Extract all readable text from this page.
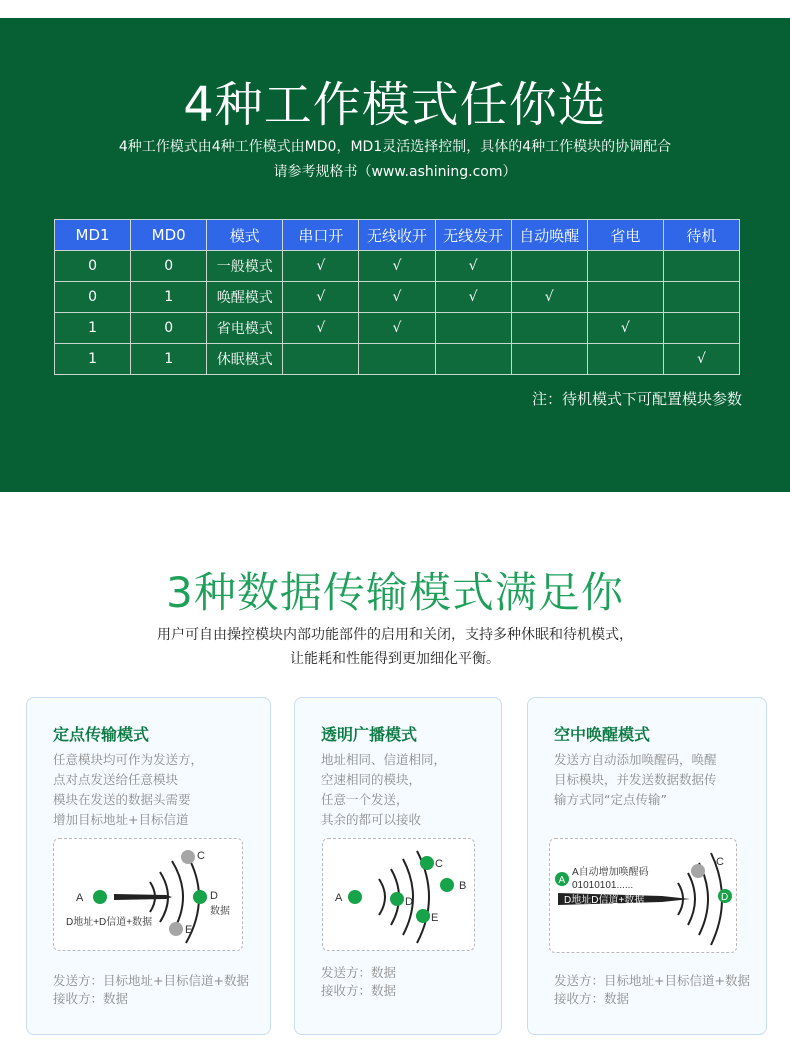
4种工作模式任你选
4种工作模式由4种工作模式由MD0，MD1灵活选择控制，具体的4种工作模块的协调配合
请参考规格书（www.ashining.com）
MD1	MD0	模式	串口开	无线收开	无线发开	自动唤醒	省电	待机
0	0	一般模式	√	√	√			
0	1	唤醒模式	√	√	√	√		
1	0	省电模式	√	√			√	
1	1	休眠模式						√
注：待机模式下可配置模块参数
3种数据传输模式满足你
用户可自由操控模块内部功能部件的启用和关闭，支持多种休眠和待机模式，
让能耗和性能得到更加细化平衡。
定点传输模式
任意模块均可作为发送方，
点对点发送给任意模块
模块在发送的数据头需要
增加目标地址+目标信道
A
C
D
数据
E
D地址+D信道+数据
发送方：目标地址+目标信道+数据
接收方：数据
透明广播模式
地址相同、信道相同，
空速相同的模块，
任意一个发送，
其余的都可以接收
A
C
B
D
E
发送方：数据
接收方：数据
空中唤醒模式
发送方自动添加唤醒码，唤醒
目标模块，并发送数据数据传
输方式同“定点传输”
A
A自动增加唤醒码
01010101......
D地址D信道+数据
C
D
发送方：目标地址+目标信道+数据
接收方：数据
